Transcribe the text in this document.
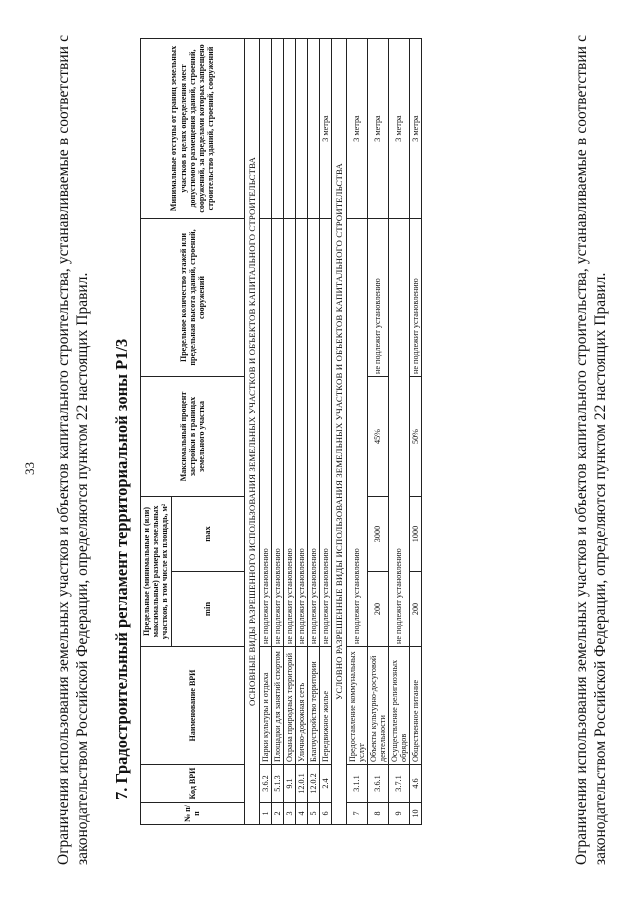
33 Ограничения использования земельных участков и объектов капитального строительства, устанавливаемые в соответствии с законодательством Российской Федерации, определяются пунктом 22 настоящих Правил. 7. Градостроительный регламент территориальной зоны Р1/3
№ п/п	Код ВРИ	Наименование ВРИ	Предельные (минимальные и (или) максимальные) размеры земельных участков, в том числе их площадь, м²		Максимальный процент застройки в границах земельного участка	Предельное количество этажей или предельная высота зданий, строений, сооружений	Минимальные отступы от границ земельных участков в целях определения мест допустимого размещения зданий, строений, сооружений, за пределами которых запрещено строительство зданий, строений, сооружений
			min	max			
ОСНОВНЫЕ ВИДЫ РАЗРЕШЕННОГО ИСПОЛЬЗОВАНИЯ ЗЕМЕЛЬНЫХ УЧАСТКОВ И ОБЪЕКТОВ КАПИТАЛЬНОГО СТРОИТЕЛЬСТВА							
1	3.6.2	Парки культуры и отдыха	не подлежит установлению				
2	5.1.3	Площадки для занятий спортом	не подлежит установлению				
3	9.1	Охрана природных территорий	не подлежит установлению				
4	12.0.1	Улично-дорожная сеть	не подлежит установлению				
5	12.0.2	Благоустройство территории	не подлежит установлению				
6	2.4	Передвижное жилье	не подлежит установлению				3 метра
УСЛОВНО РАЗРЕШЕННЫЕ ВИДЫ ИСПОЛЬЗОВАНИЯ ЗЕМЕЛЬНЫХ УЧАСТКОВ И ОБЪЕКТОВ КАПИТАЛЬНОГО СТРОИТЕЛЬСТВА							
7	3.1.1	Предоставление коммунальных услуг	не подлежит установлению				3 метра
8	3.6.1	Объекты культурно-досуговой деятельности	200	3000	45%	не подлежит установлению	3 метра
9	3.7.1	Осуществление религиозных обрядов	не подлежит установлению				3 метра
10	4.6	Общественное питание	200	1000	50%	не подлежит установлению	3 метра	Ограничения использования земельных участков и объектов капитального строительства, устанавливаемые в соответствии с законодательством Российской Федерации, определяются пунктом 22 настоящих Правил.
